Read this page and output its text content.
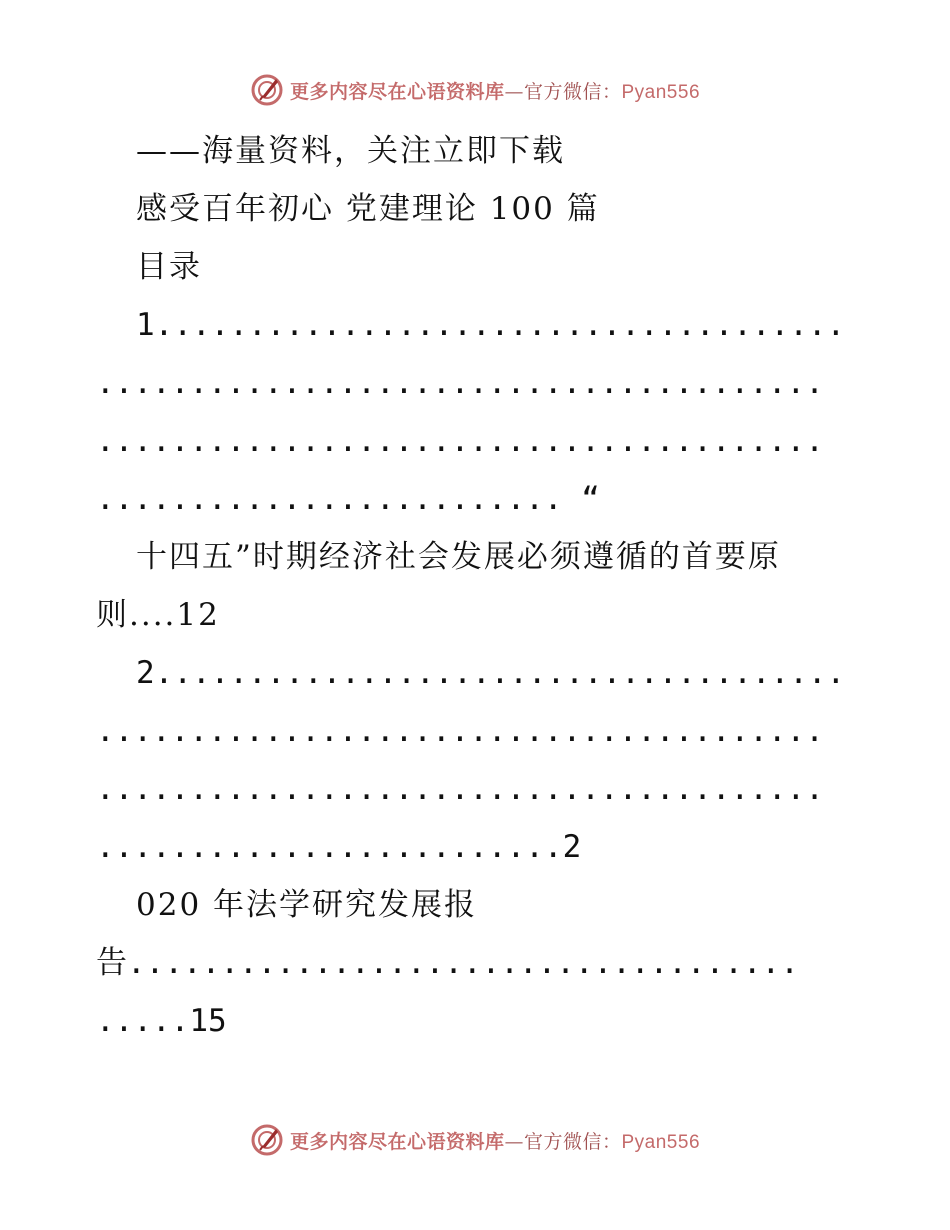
更多内容尽在心语资料库—官方微信：Pyan556
——海量资料，关注立即下载
感受百年初心 党建理论 100 篇
目录
1.....................................
.......................................
.......................................
......................... “
十四五”时期经济社会发展必须遵循的首要原
则....12
2.....................................
.......................................
.......................................
.........................2
020 年法学研究发展报
告....................................
.....15
更多内容尽在心语资料库—官方微信：Pyan556
